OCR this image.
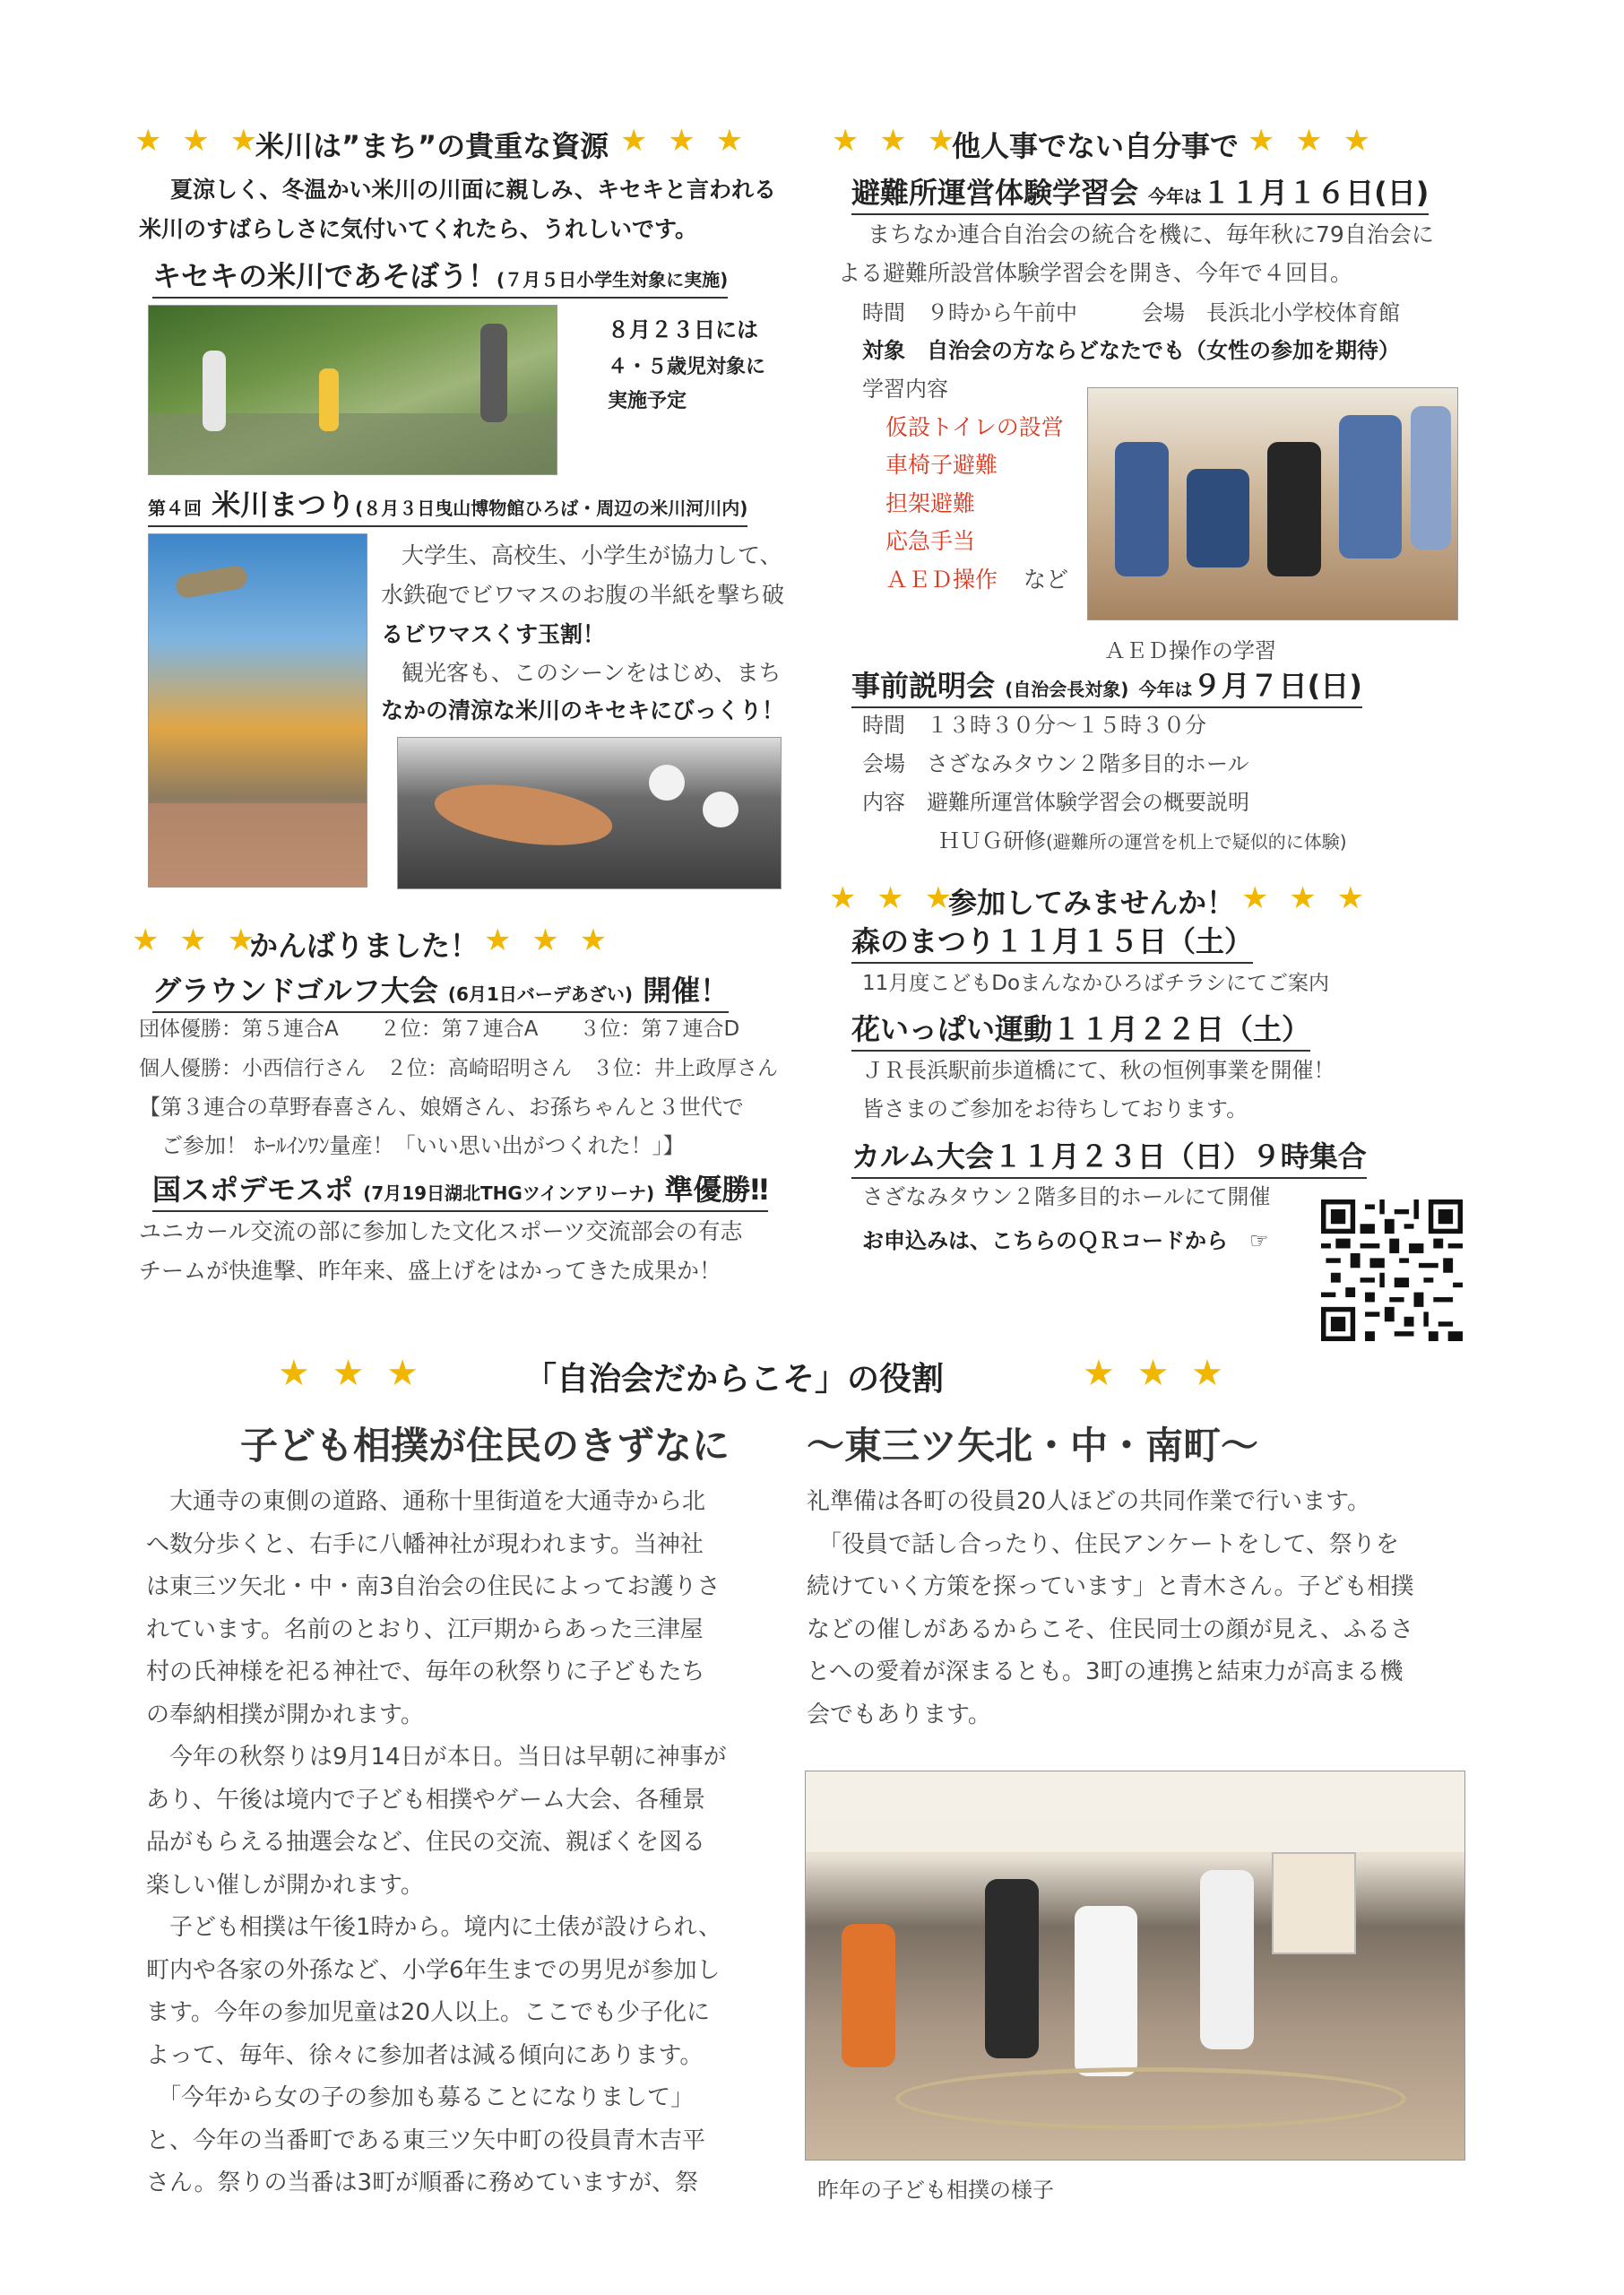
★ ★ ★
米川は”まち”の貴重な資源 ★ ★ ★
夏涼しく、冬温かい米川の川面に親しみ、キセキと言われる
米川のすばらしさに気付いてくれたら、うれしいです。
キセキの米川であそぼう！(７月５日小学生対象に実施)
８月２３日には
４・５歳児対象に
実施予定
第４回 米川まつり(８月３日曳山博物館ひろば・周辺の米川河川内)
大学生、高校生、小学生が協力して、
水鉄砲でビワマスのお腹の半紙を撃ち破
るビワマスくす玉割！
観光客も、このシーンをはじめ、まち
なかの清涼な米川のキセキにびっくり！
★ ★ ★
かんばりました！ ★ ★ ★
グラウンドゴルフ大会 (6月1日バーデあざい) 開催！
団体優勝：第５連合A　　２位：第７連合A　　３位：第７連合D
個人優勝：小西信行さん　２位：高崎昭明さん　３位：井上政厚さん
【第３連合の草野春喜さん、娘婿さん、お孫ちゃんと３世代で
ご参加！ ﾎｰﾙｲﾝﾜﾝ量産！「いい思い出がつくれた！」】
国スポデモスポ (7月19日湖北THGツインアリーナ) 準優勝‼
ユニカール交流の部に参加した文化スポーツ交流部会の有志
チームが快進撃、昨年来、盛上げをはかってきた成果か！
★ ★ ★
他人事でない自分事で ★ ★ ★
避難所運営体験学習会 今年は１１月１６日(日)
まちなか連合自治会の統合を機に、毎年秋に79自治会に
よる避難所設営体験学習会を開き、今年で４回目。
時間　９時から午前中　　　会場　長浜北小学校体育館
対象　自治会の方ならどなたでも（女性の参加を期待）
学習内容
仮設トイレの設営
車椅子避難
担架避難
応急手当
ＡＥＤ操作 など
ＡＥＤ操作の学習
事前説明会 (自治会長対象) 今年は９月７日(日)
時間　１３時３０分～１５時３０分
会場　さざなみタウン２階多目的ホール
内容　避難所運営体験学習会の概要説明
ＨＵＧ研修(避難所の運営を机上で疑似的に体験)
★ ★ ★
参加してみませんか！ ★ ★ ★
森のまつり１１月１５日（土）
11月度こどもDoまんなかひろばチラシにてご案内
花いっぱい運動１１月２２日（土）
ＪＲ長浜駅前歩道橋にて、秋の恒例事業を開催！
皆さまのご参加をお待ちしております。
カルム大会１１月２３日（日）９時集合
さざなみタウン２階多目的ホールにて開催
お申込みは、こちらのＱＲコードから　 ☞
★ ★ ★	「自治会だからこそ」の役割	★ ★ ★
子ども相撲が住民のきずなに ～東三ツ矢北・中・南町～
　大通寺の東側の道路、通称十里街道を大通寺から北
へ数分歩くと、右手に八幡神社が現われます。当神社
は東三ツ矢北・中・南3自治会の住民によってお護りさ
れています。名前のとおり、江戸期からあった三津屋
村の氏神様を祀る神社で、毎年の秋祭りに子どもたち
の奉納相撲が開かれます。
　今年の秋祭りは9月14日が本日。当日は早朝に神事が
あり、午後は境内で子ども相撲やゲーム大会、各種景
品がもらえる抽選会など、住民の交流、親ぼくを図る
楽しい催しが開かれます。
　子ども相撲は午後1時から。境内に土俵が設けられ、
町内や各家の外孫など、小学6年生までの男児が参加し
ます。今年の参加児童は20人以上。ここでも少子化に
よって、毎年、徐々に参加者は減る傾向にあります。
　「今年から女の子の参加も募ることになりまして」
と、今年の当番町である東三ツ矢中町の役員青木吉平
さん。祭りの当番は3町が順番に務めていますが、祭
礼準備は各町の役員20人ほどの共同作業で行います。
　「役員で話し合ったり、住民アンケートをして、祭りを
続けていく方策を探っています」と青木さん。子ども相撲
などの催しがあるからこそ、住民同士の顔が見え、ふるさ
とへの愛着が深まるとも。3町の連携と結束力が高まる機
会でもあります。
昨年の子ども相撲の様子
